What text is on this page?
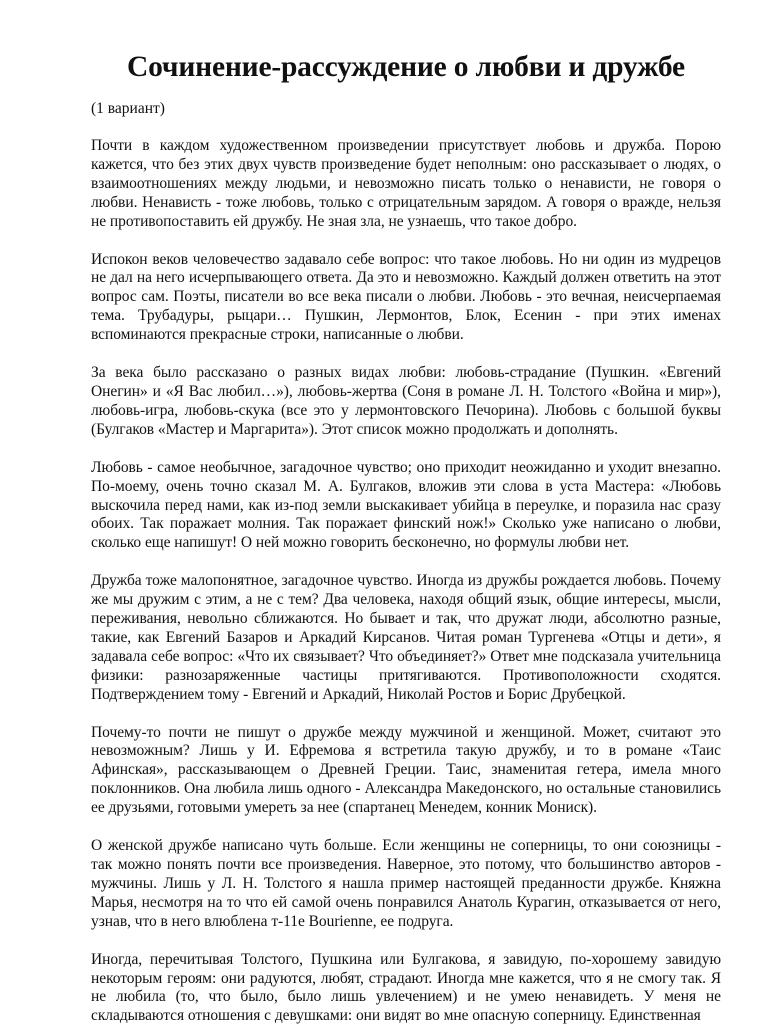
Сочинение-рассуждение о любви и дружбе
(1 вариант)

Почти в каждом художественном произведении присутствует любовь и дружба. Порою кажется, что без этих двух чувств произведение будет неполным: оно рассказывает о людях, о взаимоотношениях между людьми, и невозможно писать только о ненависти, не говоря о любви. Ненависть - тоже любовь, только с отрицательным зарядом. А говоря о вражде, нельзя не противопоставить ей дружбу. Не зная зла, не узнаешь, что такое добро.

Испокон веков человечество задавало себе вопрос: что такое любовь. Но ни один из мудрецов не дал на него исчерпывающего ответа. Да это и невозможно. Каждый должен ответить на этот вопрос сам. Поэты, писатели во все века писали о любви. Любовь - это вечная, неисчерпаемая тема. Трубадуры, рыцари… Пушкин, Лермонтов, Блок, Есенин - при этих именах вспоминаются прекрасные строки, написанные о любви.

За века было рассказано о разных видах любви: любовь-страдание (Пушкин. «Евгений Онегин» и «Я Вас любил…»), любовь-жертва (Соня в романе Л. Н. Толстого «Война и мир»), любовь-игра, любовь-скука (все это у лермонтовского Печорина). Любовь с большой буквы (Булгаков «Мастер и Маргарита»). Этот список можно продолжать и дополнять.

Любовь - самое необычное, загадочное чувство; оно приходит неожиданно и уходит внезапно. По-моему, очень точно сказал М. А. Булгаков, вложив эти слова в уста Мастера: «Любовь выскочила перед нами, как из-под земли выскакивает убийца в переулке, и поразила нас сразу обоих. Так поражает молния. Так поражает финский нож!» Сколько уже написано о любви, сколько еще напишут! О ней можно говорить бесконечно, но формулы любви нет.

Дружба тоже малопонятное, загадочное чувство. Иногда из дружбы рождается любовь. Почему же мы дружим с этим, а не с тем? Два человека, находя общий язык, общие интересы, мысли, переживания, невольно сближаются. Но бывает и так, что дружат люди, абсолютно разные, такие, как Евгений Базаров и Аркадий Кирсанов. Читая роман Тургенева «Отцы и дети», я задавала себе вопрос: «Что их связывает? Что объединяет?» Ответ мне подсказала учительница физики: разнозаряженные частицы притягиваются. Противоположности сходятся. Подтверждением тому - Евгений и Аркадий, Николай Ростов и Борис Друбецкой.

Почему-то почти не пишут о дружбе между мужчиной и женщиной. Может, считают это невозможным? Лишь у И. Ефремова я встретила такую дружбу, и то в романе «Таис Афинская», рассказывающем о Древней Греции. Таис, знаменитая гетера, имела много поклонников. Она любила лишь одного - Александра Македонского, но остальные становились ее друзьями, готовыми умереть за нее (спартанец Менедем, конник Мониск).

О женской дружбе написано чуть больше. Если женщины не соперницы, то они союзницы - так можно понять почти все произведения. Наверное, это потому, что большинство авторов - мужчины. Лишь у Л. Н. Толстого я нашла пример настоящей преданности дружбе. Княжна Марья, несмотря на то что ей самой очень понравился Анатоль Курагин, отказывается от него, узнав, что в него влюблена т-11е Bourienne, ее подруга.

Иногда, перечитывая Толстого, Пушкина или Булгакова, я завидую, по-хорошему завидую некоторым героям: они радуются, любят, страдают. Иногда мне кажется, что я не смогу так. Я не любила (то, что было, было лишь увлечением) и не умею ненавидеть. У меня не складываются отношения с девушками: они видят во мне опасную соперницу. Единственная
